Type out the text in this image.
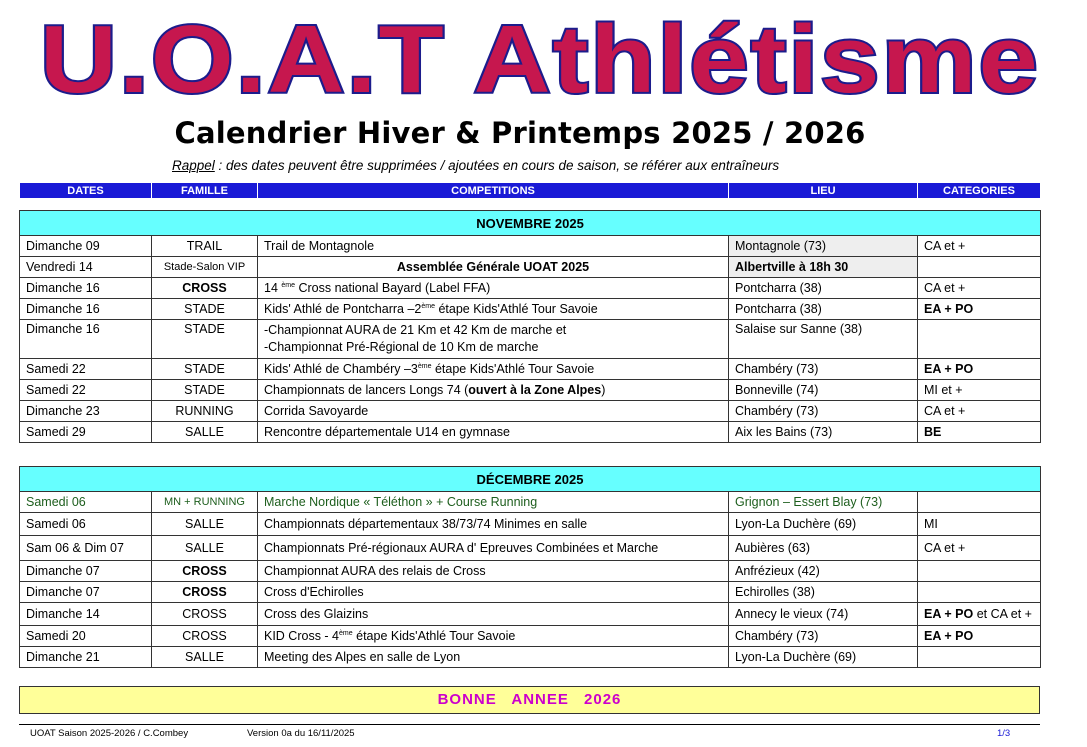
U.O.A.T Athlétisme
Calendrier Hiver & Printemps 2025 / 2026
Rappel : des dates peuvent être supprimées / ajoutées en cours de saison, se référer aux entraîneurs
DATES	FAMILLE	COMPETITIONS	LIEU	CATEGORIES
NOVEMBRE 2025				
Dimanche 09	TRAIL	Trail de Montagnole	Montagnole (73)	CA et +
Vendredi 14	Stade-Salon VIP	Assemblée Générale UOAT 2025	Albertville à 18h 30	
Dimanche 16	CROSS	14 $^{ème}$ Cross national Bayard (Label FFA)	Pontcharra (38)	CA et +
Dimanche 16	STADE	Kids' Athlé de Pontcharra –2ème étape Kids'Athlé Tour Savoie	Pontcharra (38)	EA + PO
Dimanche 16	STADE	-Championnat AURA de 21 Km et 42 Km de marche et
-Championnat Pré-Régional de 10 Km de marche	Salaise sur Sanne (38)	
Samedi 22	STADE	Kids' Athlé de Chambéry –3ème étape Kids'Athlé Tour Savoie	Chambéry (73)	EA + PO
Samedi 22	STADE	Championnats de lancers Longs 74 (ouvert à la Zone Alpes)	Bonneville (74)	MI et +
Dimanche 23	RUNNING	Corrida Savoyarde	Chambéry (73)	CA et +
Samedi 29	SALLE	Rencontre départementale U14 en gymnase	Aix les Bains (73)	BE
DÉCEMBRE 2025				
Samedi 06	MN + RUNNING	Marche Nordique « Téléthon » + Course Running	Grignon – Essert Blay (73)	
Samedi 06	SALLE	Championnats départementaux 38/73/74 Minimes en salle	Lyon-La Duchère (69)	MI
Sam 06 & Dim 07	SALLE	Championnats Pré-régionaux AURA d' Epreuves Combinées et Marche	Aubières (63)	CA et +
Dimanche 07	CROSS	Championnat AURA des relais de Cross	Anfrézieux (42)	
Dimanche 07	CROSS	Cross d'Echirolles	Echirolles (38)	
Dimanche 14	CROSS	Cross des Glaizins	Annecy le vieux (74)	EA + PO et CA et +
Samedi 20	CROSS	KID Cross - 4ème étape Kids'Athlé Tour Savoie	Chambéry (73)	EA + PO
Dimanche 21	SALLE	Meeting des Alpes en salle de Lyon	Lyon-La Duchère (69)	
BONNE ANNEE 2026
UOAT Saison 2025-2026 / C.Combey	Version 0a du 16/11/2025	1/3
